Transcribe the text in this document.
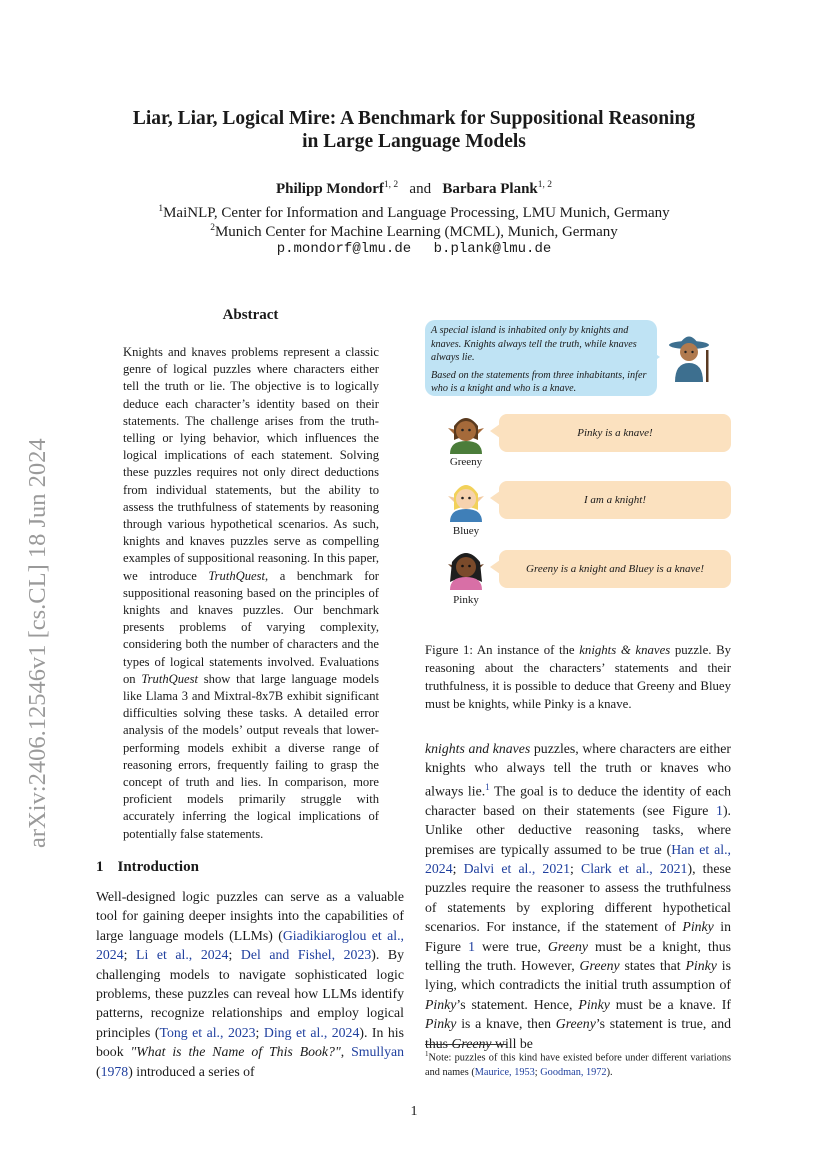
arXiv:2406.12546v1 [cs.CL] 18 Jun 2024
Liar, Liar, Logical Mire: A Benchmark for Suppositional Reasoning
in Large Language Models
Philipp Mondorf$^{1, 2}$ and Barbara Plank$^{1, 2}$
$^1$MaiNLP, Center for Information and Language Processing, LMU Munich, Germany
$^2$Munich Center for Machine Learning (MCML), Munich, Germany
p.mondorf@lmu.de b.plank@lmu.de
Abstract
Knights and knaves problems represent a classic genre of logical puzzles where characters either tell the truth or lie. The objective is to logically deduce each character’s identity based on their statements. The challenge arises from the truth-telling or lying behavior, which influences the logical implications of each statement. Solving these puzzles requires not only direct deductions from individual statements, but the ability to assess the truthfulness of statements by reasoning through various hypothetical scenarios. As such, knights and knaves puzzles serve as compelling examples of suppositional reasoning. In this paper, we introduce TruthQuest, a benchmark for suppositional reasoning based on the principles of knights and knaves puzzles. Our benchmark presents problems of varying complexity, considering both the number of characters and the types of logical statements involved. Evaluations on TruthQuest show that large language models like Llama 3 and Mixtral-8x7B exhibit significant difficulties solving these tasks. A detailed error analysis of the models’ output reveals that lower-performing models exhibit a diverse range of reasoning errors, frequently failing to grasp the concept of truth and lies. In comparison, more proficient models primarily struggle with accurately inferring the logical implications of potentially false statements.
1 Introduction
Well-designed logic puzzles can serve as a valuable tool for gaining deeper insights into the capabilities of large language models (LLMs) (Giadikiaroglou et al., 2024; Li et al., 2024; Del and Fishel, 2023). By challenging models to navigate sophisticated logic problems, these puzzles can reveal how LLMs identify patterns, recognize relationships and employ logical principles (Tong et al., 2023; Ding et al., 2024). In his book "What is the Name of This Book?", Smullyan (1978) introduced a series of

A special island is inhabited only by knights and knaves. Knights always tell the truth, while knaves always lie.

Based on the statements from three inhabitants, infer who is a knight and who is a knave.

Greeny
Pinky is a knave!
Bluey
I am a knight!
Pinky
Greeny is a knight and Bluey is a knave!
Figure 1: An instance of the knights & knaves puzzle. By reasoning about the characters’ statements and their truthfulness, it is possible to deduce that Greeny and Bluey must be knights, while Pinky is a knave.
knights and knaves puzzles, where characters are either knights who always tell the truth or knaves who always lie.$^1$ The goal is to deduce the identity of each character based on their statements (see Figure 1). Unlike other deductive reasoning tasks, where premises are typically assumed to be true (Han et al., 2024; Dalvi et al., 2021; Clark et al., 2021), these puzzles require the reasoner to assess the truthfulness of statements by exploring different hypothetical scenarios. For instance, if the statement of Pinky in Figure 1 were true, Greeny must be a knight, thus telling the truth. However, Greeny states that Pinky is lying, which contradicts the initial truth assumption of Pinky’s statement. Hence, Pinky must be a knave. If Pinky is a knave, then Greeny’s statement is true, and thus Greeny will be
$^1$Note: puzzles of this kind have existed before under different variations and names (Maurice, 1953; Goodman, 1972).
1
